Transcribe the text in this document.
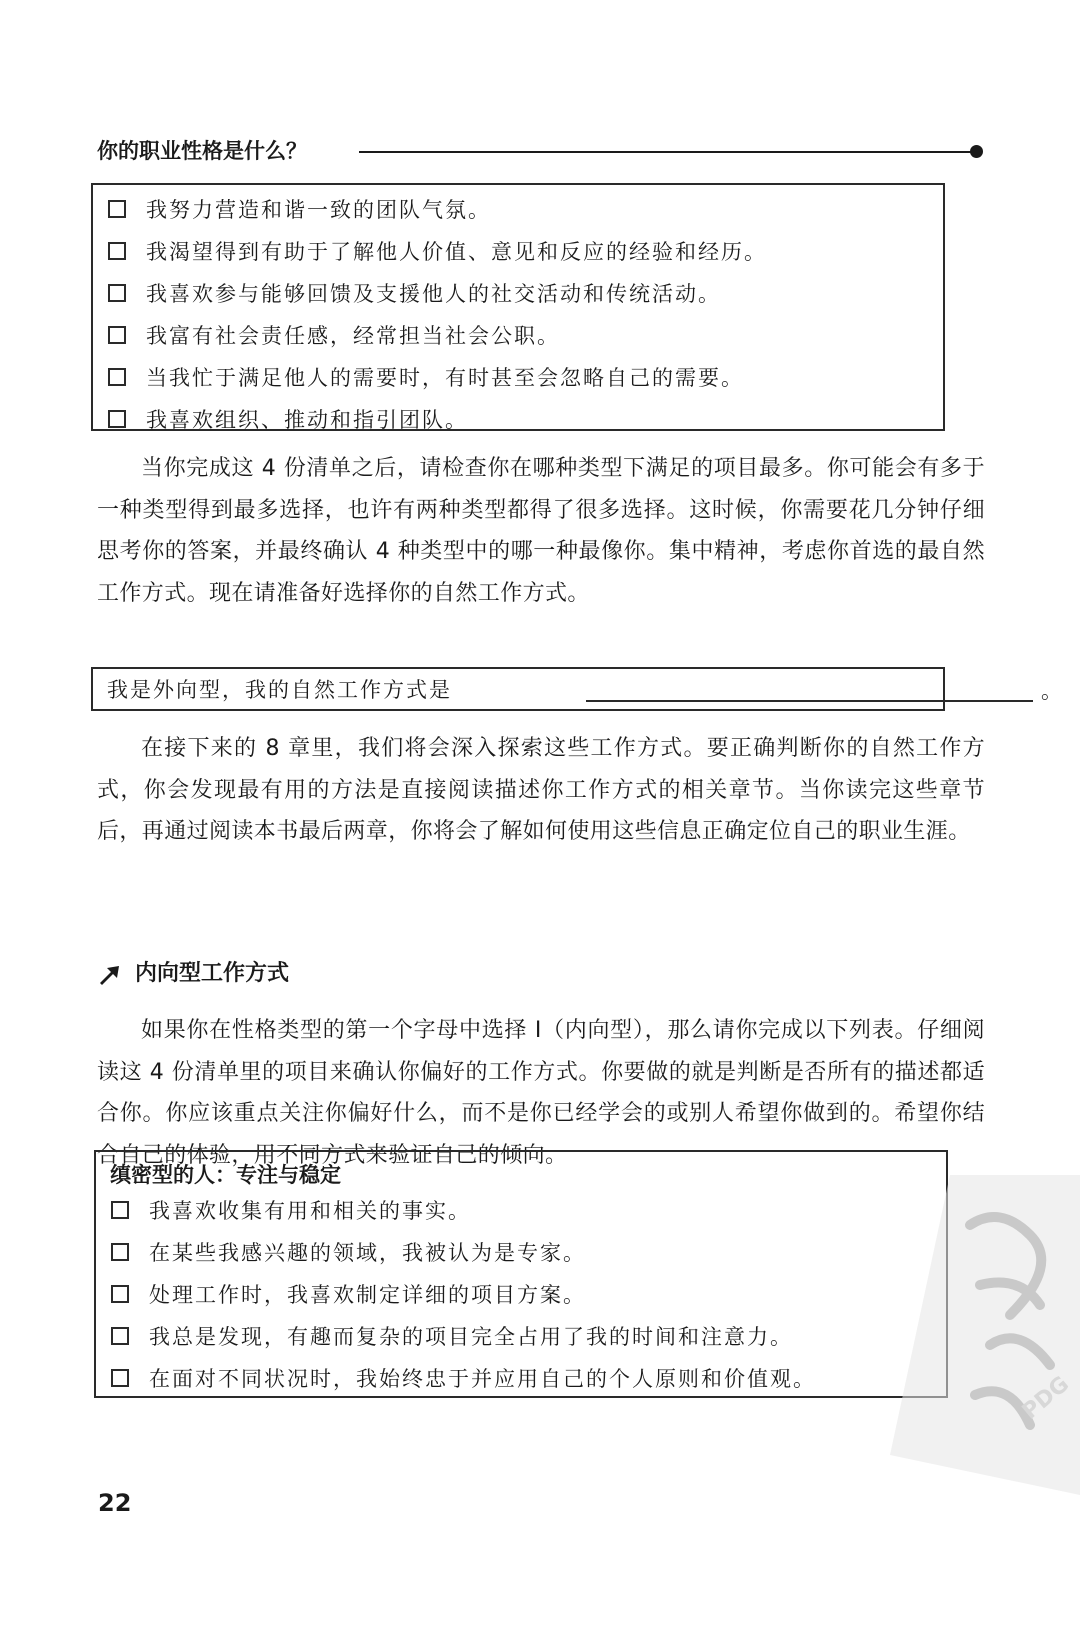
你的职业性格是什么？
我努力营造和谐一致的团队气氛。
我渴望得到有助于了解他人价值、意见和反应的经验和经历。
我喜欢参与能够回馈及支援他人的社交活动和传统活动。
我富有社会责任感，经常担当社会公职。
当我忙于满足他人的需要时，有时甚至会忽略自己的需要。
我喜欢组织、推动和指引团队。

当你完成这 4 份清单之后，请检查你在哪种类型下满足的项目最多。你可能会有多于一种类型得到最多选择，也许有两种类型都得了很多选择。这时候，你需要花几分钟仔细思考你的答案，并最终确认 4 种类型中的哪一种最像你。集中精神，考虑你首选的最自然工作方式。现在请准备好选择你的自然工作方式。

我是外向型，我的自然工作方式是	。

在接下来的 8 章里，我们将会深入探索这些工作方式。要正确判断你的自然工作方式，你会发现最有用的方法是直接阅读描述你工作方式的相关章节。当你读完这些章节后，再通过阅读本书最后两章，你将会了解如何使用这些信息正确定位自己的职业生涯。

内向型工作方式

如果你在性格类型的第一个字母中选择 I（内向型），那么请你完成以下列表。仔细阅读这 4 份清单里的项目来确认你偏好的工作方式。你要做的就是判断是否所有的描述都适合你。你应该重点关注你偏好什么，而不是你已经学会的或别人希望你做到的。希望你结合自己的体验，用不同方式来验证自己的倾向。

缜密型的人：专注与稳定
我喜欢收集有用和相关的事实。
在某些我感兴趣的领域，我被认为是专家。
处理工作时，我喜欢制定详细的项目方案。
我总是发现，有趣而复杂的项目完全占用了我的时间和注意力。
在面对不同状况时，我始终忠于并应用自己的个人原则和价值观。	PDG
22
